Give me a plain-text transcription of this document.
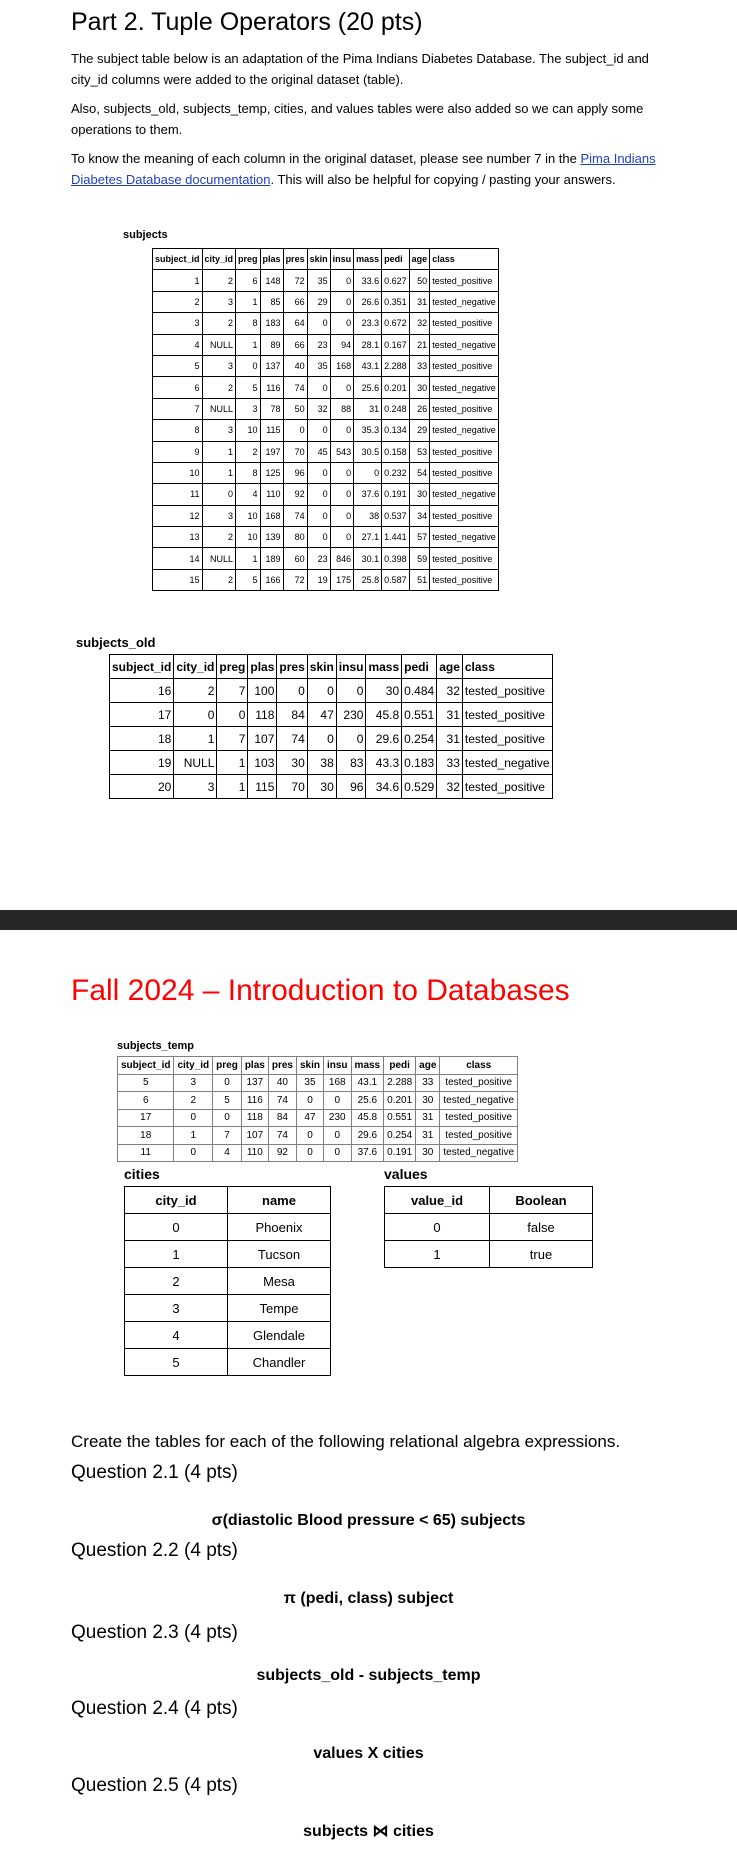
Part 2. Tuple Operators (20 pts)

The subject table below is an adaptation of the Pima Indians Diabetes Database. The subject_id and city_id columns were added to the original dataset (table).

Also, subjects_old, subjects_temp, cities, and values tables were also added so we can apply some operations to them.

To know the meaning of each column in the original dataset, please see number 7 in the Pima Indians Diabetes Database documentation. This will also be helpful for copying / pasting your answers.

subjects
subject_id	city_id	preg	plas	pres	skin	insu	mass	pedi	age	class
1	2	6	148	72	35	0	33.6	0.627	50	tested_positive
2	3	1	85	66	29	0	26.6	0.351	31	tested_negative
3	2	8	183	64	0	0	23.3	0.672	32	tested_positive
4	NULL	1	89	66	23	94	28.1	0.167	21	tested_negative
5	3	0	137	40	35	168	43.1	2.288	33	tested_positive
6	2	5	116	74	0	0	25.6	0.201	30	tested_negative
7	NULL	3	78	50	32	88	31	0.248	26	tested_positive
8	3	10	115	0	0	0	35.3	0.134	29	tested_negative
9	1	2	197	70	45	543	30.5	0.158	53	tested_positive
10	1	8	125	96	0	0	0	0.232	54	tested_positive
11	0	4	110	92	0	0	37.6	0.191	30	tested_negative
12	3	10	168	74	0	0	38	0.537	34	tested_positive
13	2	10	139	80	0	0	27.1	1.441	57	tested_negative
14	NULL	1	189	60	23	846	30.1	0.398	59	tested_positive
15	2	5	166	72	19	175	25.8	0.587	51	tested_positive
subjects_old
subject_id	city_id	preg	plas	pres	skin	insu	mass	pedi	age	class
16	2	7	100	0	0	0	30	0.484	32	tested_positive
17	0	0	118	84	47	230	45.8	0.551	31	tested_positive
18	1	7	107	74	0	0	29.6	0.254	31	tested_positive
19	NULL	1	103	30	38	83	43.3	0.183	33	tested_negative
20	3	1	115	70	30	96	34.6	0.529	32	tested_positive
Fall 2024 – Introduction to Databases
subjects_temp
subject_id	city_id	preg	plas	pres	skin	insu	mass	pedi	age	class
5	3	0	137	40	35	168	43.1	2.288	33	tested_positive
6	2	5	116	74	0	0	25.6	0.201	30	tested_negative
17	0	0	118	84	47	230	45.8	0.551	31	tested_positive
18	1	7	107	74	0	0	29.6	0.254	31	tested_positive
11	0	4	110	92	0	0	37.6	0.191	30	tested_negative
cities
city_id	name
0	Phoenix
1	Tucson
2	Mesa
3	Tempe
4	Glendale
5	Chandler
values
value_id	Boolean
0	false
1	true
Create the tables for each of the following relational algebra expressions.
Question 2.1 (4 pts)
σ(diastolic Blood pressure < 65) subjects
Question 2.2 (4 pts)
π (pedi, class) subject
Question 2.3 (4 pts)
subjects_old - subjects_temp
Question 2.4 (4 pts)
values X cities
Question 2.5 (4 pts)
subjects ⋈ cities
